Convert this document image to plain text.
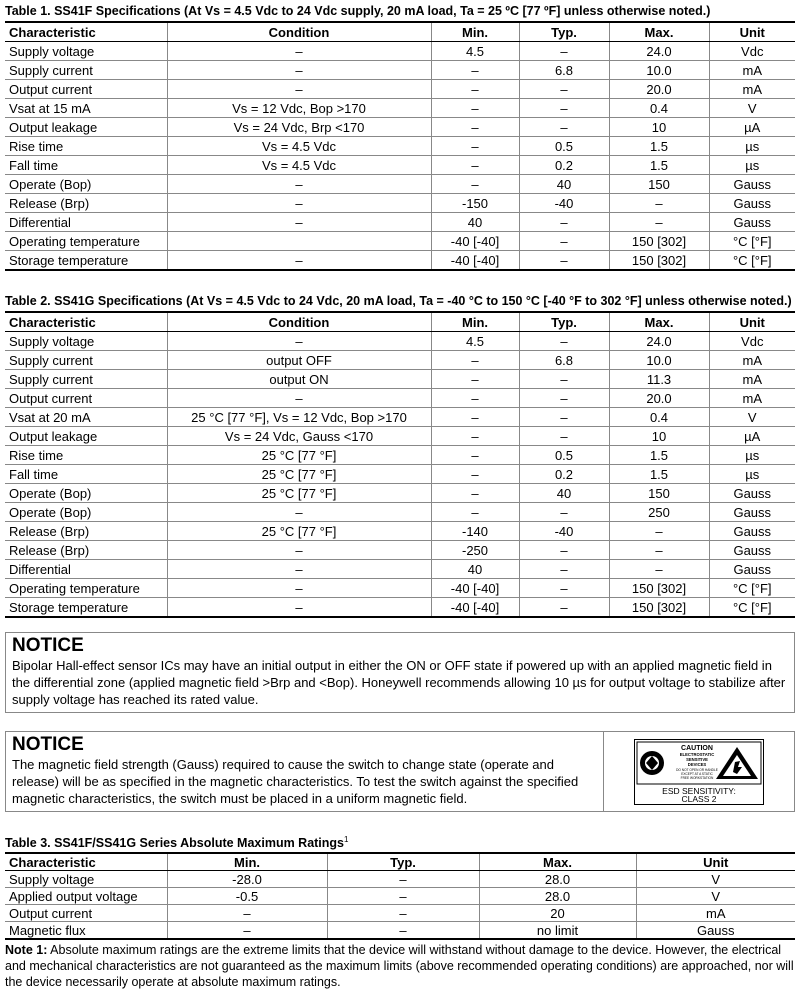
Table 1. SS41F Specifications (At Vs = 4.5 Vdc to 24 Vdc supply, 20 mA load, Ta = 25 ºC [77 ºF] unless otherwise noted.)

Characteristic	Condition	Min.	Typ.	Max.	Unit
Supply voltage	–	4.5	–	24.0	Vdc
Supply current	–	–	6.8	10.0	mA
Output current	–	–	–	20.0	mA
Vsat at 15 mA	Vs = 12 Vdc, Bop >170	–	–	0.4	V
Output leakage	Vs = 24 Vdc, Brp <170	–	–	10	µA
Rise time	Vs = 4.5 Vdc	–	0.5	1.5	µs
Fall time	Vs = 4.5 Vdc	–	0.2	1.5	µs
Operate (Bop)	–	–	40	150	Gauss
Release (Brp)	–	-150	-40	–	Gauss
Differential	–	40	–	–	Gauss
Operating temperature		-40 [-40]	–	150 [302]	°C [°F]
Storage temperature	–	-40 [-40]	–	150 [302]	°C [°F]

Table 2. SS41G Specifications (At Vs = 4.5 Vdc to 24 Vdc, 20 mA load, Ta = -40 °C to 150 °C [-40 °F to 302 °F] unless otherwise noted.)

Characteristic	Condition	Min.	Typ.	Max.	Unit
Supply voltage	–	4.5	–	24.0	Vdc
Supply current	output OFF	–	6.8	10.0	mA
Supply current	output ON	–	–	11.3	mA
Output current	–	–	–	20.0	mA
Vsat at 20 mA	25 °C [77 °F], Vs = 12 Vdc, Bop >170	–	–	0.4	V
Output leakage	Vs = 24 Vdc, Gauss <170	–	–	10	µA
Rise time	25 °C [77 °F]	–	0.5	1.5	µs
Fall time	25 °C [77 °F]	–	0.2	1.5	µs
Operate (Bop)	25 °C [77 °F]	–	40	150	Gauss
Operate (Bop)	–	–	–	250	Gauss
Release (Brp)	25 °C [77 °F]	-140	-40	–	Gauss
Release (Brp)	–	-250	–	–	Gauss
Differential	–	40	–	–	Gauss
Operating temperature	–	-40 [-40]	–	150 [302]	°C [°F]
Storage temperature	–	-40 [-40]	–	150 [302]	°C [°F]
NOTICE

Bipolar Hall-effect sensor ICs may have an initial output in either the ON or OFF state if powered up with an applied magnetic field in the differential zone (applied magnetic field >Brp and <Bop). Honeywell recommends allowing 10 µs for output voltage to stabilize after supply voltage has reached its rated value.

NOTICE

The magnetic field strength (Gauss) required to cause the switch to change state (operate and release) will be as specified in the magnetic characteristics. To test the switch against the specified magnetic characteristics, the switch must be placed in a uniform magnetic field.

CAUTION
ELECTROSTATIC
SENSITIVE
DEVICES
DO NOT OPEN OR HANDLE
EXCEPT AT A STATIC
FREE WORKSTATION
ESD SENSITIVITY:
CLASS 2

Table 3. SS41F/SS41G Series Absolute Maximum Ratings$^1$

Characteristic	Min.	Typ.	Max.	Unit
Supply voltage	-28.0	–	28.0	V
Applied output voltage	-0.5	–	28.0	V
Output current	–	–	20	mA
Magnetic flux	–	–	no limit	Gauss

Note 1: Absolute maximum ratings are the extreme limits that the device will withstand without damage to the device. However, the electrical and mechanical characteristics are not guaranteed as the maximum limits (above recommended operating conditions) are approached, nor will the device necessarily operate at absolute maximum ratings.
